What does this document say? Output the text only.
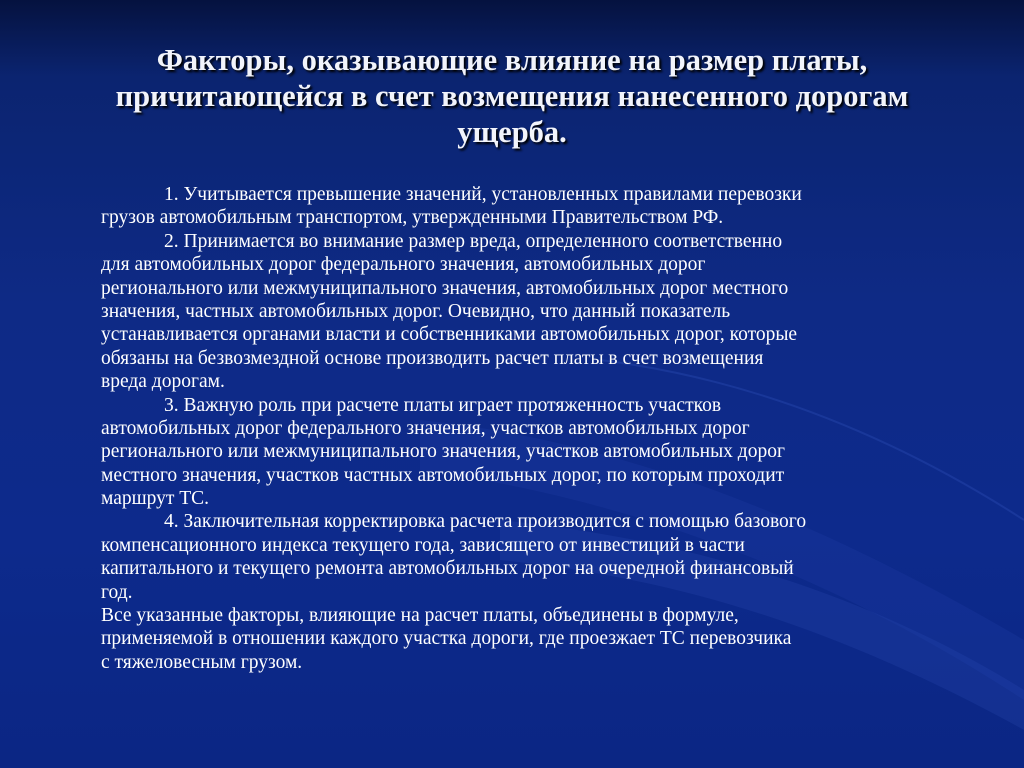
Факторы, оказывающие влияние на размер платы,
причитающейся в счет возмещения нанесенного дорогам
ущерба.
1. Учитывается превышение значений, установленных правилами перевозки
грузов автомобильным транспортом, утвержденными Правительством РФ.
2. Принимается во внимание размер вреда, определенного соответственно
для автомобильных дорог федерального значения, автомобильных дорог
регионального или межмуниципального значения, автомобильных дорог местного
значения, частных автомобильных дорог. Очевидно, что данный показатель
устанавливается органами власти и собственниками автомобильных дорог, которые
обязаны на безвозмездной основе производить расчет платы в счет возмещения
вреда дорогам.
3. Важную роль при расчете платы играет протяженность участков
автомобильных дорог федерального значения, участков автомобильных дорог
регионального или межмуниципального значения, участков автомобильных дорог
местного значения, участков частных автомобильных дорог, по которым проходит
маршрут ТС.
4. Заключительная корректировка расчета производится с помощью базового
компенсационного индекса текущего года, зависящего от инвестиций в части
капитального и текущего ремонта автомобильных дорог на очередной финансовый
год.
Все указанные факторы, влияющие на расчет платы, объединены в формуле,
применяемой в отношении каждого участка дороги, где проезжает ТС перевозчика
с тяжеловесным грузом.
